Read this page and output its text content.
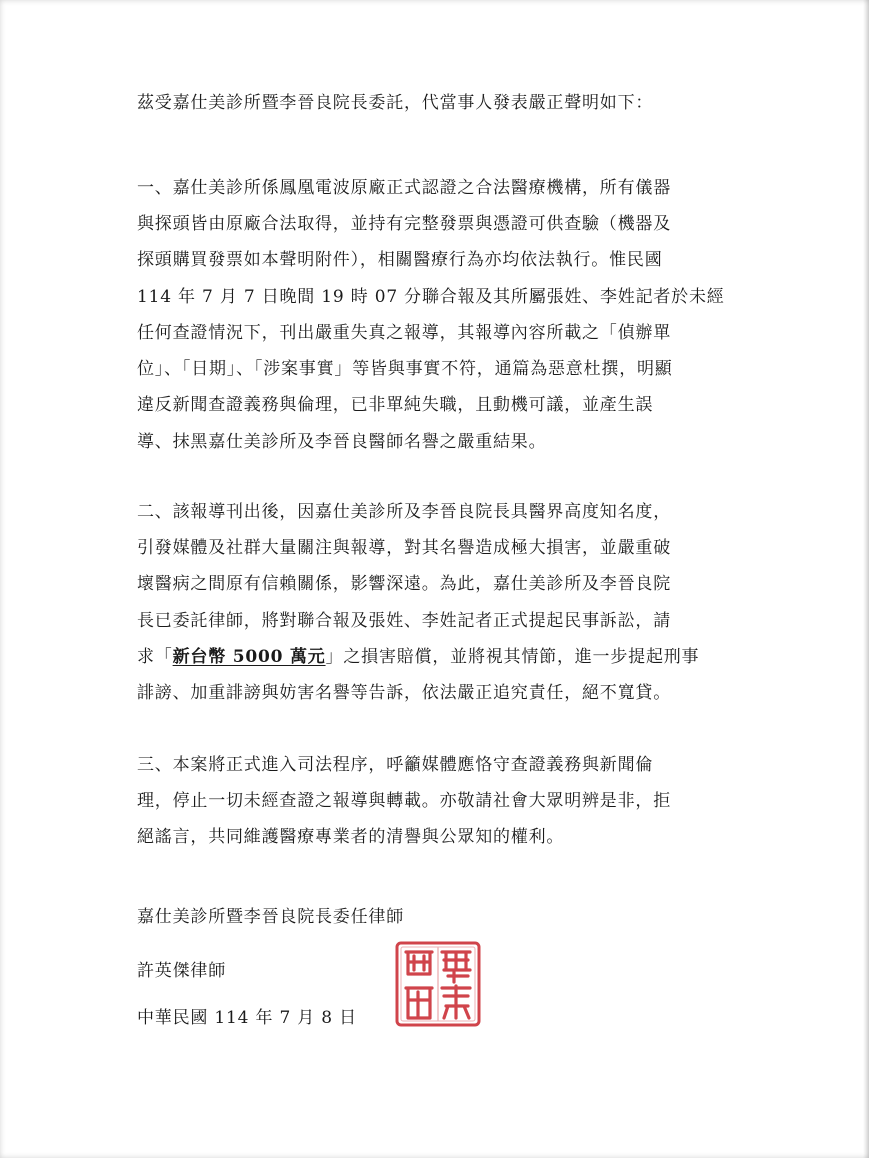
茲受嘉仕美診所暨李晉良院長委託，代當事人發表嚴正聲明如下：
一、嘉仕美診所係鳳凰電波原廠正式認證之合法醫療機構，所有儀器
與探頭皆由原廠合法取得，並持有完整發票與憑證可供查驗（機器及
探頭購買發票如本聲明附件），相關醫療行為亦均依法執行。惟民國
114 年 7 月 7 日晚間 19 時 07 分聯合報及其所屬張姓、李姓記者於未經
任何查證情況下，刊出嚴重失真之報導，其報導內容所載之「偵辦單
位」、「日期」、「涉案事實」等皆與事實不符，通篇為惡意杜撰，明顯
違反新聞查證義務與倫理，已非單純失職，且動機可議，並產生誤
導、抹黑嘉仕美診所及李晉良醫師名譽之嚴重結果。
二、該報導刊出後，因嘉仕美診所及李晉良院長具醫界高度知名度，
引發媒體及社群大量關注與報導，對其名譽造成極大損害，並嚴重破
壞醫病之間原有信賴關係，影響深遠。為此，嘉仕美診所及李晉良院
長已委託律師，將對聯合報及張姓、李姓記者正式提起民事訴訟，請
求「新台幣 5000 萬元」之損害賠償，並將視其情節，進一步提起刑事
誹謗、加重誹謗與妨害名譽等告訴，依法嚴正追究責任，絕不寬貸。
三、本案將正式進入司法程序，呼籲媒體應恪守查證義務與新聞倫
理，停止一切未經查證之報導與轉載。亦敬請社會大眾明辨是非，拒
絕謠言，共同維護醫療專業者的清譽與公眾知的權利。
嘉仕美診所暨李晉良院長委任律師
許英傑律師
中華民國 114 年 7 月 8 日
